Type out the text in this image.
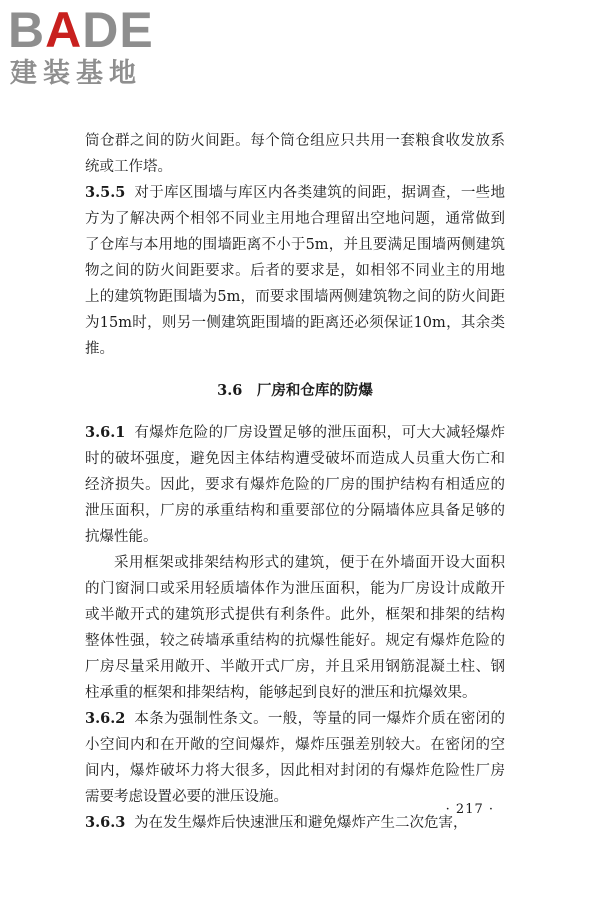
BADE
建装基地

筒仓群之间的防火间距。每个筒仓组应只共用一套粮食收发放系统或工作塔。

3.5.5 对于库区围墙与库区内各类建筑的间距，据调查，一些地方为了解决两个相邻不同业主用地合理留出空地问题，通常做到了仓库与本用地的围墙距离不小于5m，并且要满足围墙两侧建筑物之间的防火间距要求。后者的要求是，如相邻不同业主的用地上的建筑物距围墙为5m，而要求围墙两侧建筑物之间的防火间距为15m时，则另一侧建筑距围墙的距离还必须保证10m，其余类推。

3.6 厂房和仓库的防爆

3.6.1 有爆炸危险的厂房设置足够的泄压面积，可大大减轻爆炸时的破坏强度，避免因主体结构遭受破坏而造成人员重大伤亡和经济损失。因此，要求有爆炸危险的厂房的围护结构有相适应的泄压面积，厂房的承重结构和重要部位的分隔墙体应具备足够的抗爆性能。

采用框架或排架结构形式的建筑，便于在外墙面开设大面积的门窗洞口或采用轻质墙体作为泄压面积，能为厂房设计成敞开或半敞开式的建筑形式提供有利条件。此外，框架和排架的结构整体性强，较之砖墙承重结构的抗爆性能好。规定有爆炸危险的厂房尽量采用敞开、半敞开式厂房，并且采用钢筋混凝土柱、钢柱承重的框架和排架结构，能够起到良好的泄压和抗爆效果。

3.6.2 本条为强制性条文。一般，等量的同一爆炸介质在密闭的小空间内和在开敞的空间爆炸，爆炸压强差别较大。在密闭的空间内，爆炸破坏力将大很多，因此相对封闭的有爆炸危险性厂房需要考虑设置必要的泄压设施。

3.6.3 为在发生爆炸后快速泄压和避免爆炸产生二次危害，

· 217 ·
